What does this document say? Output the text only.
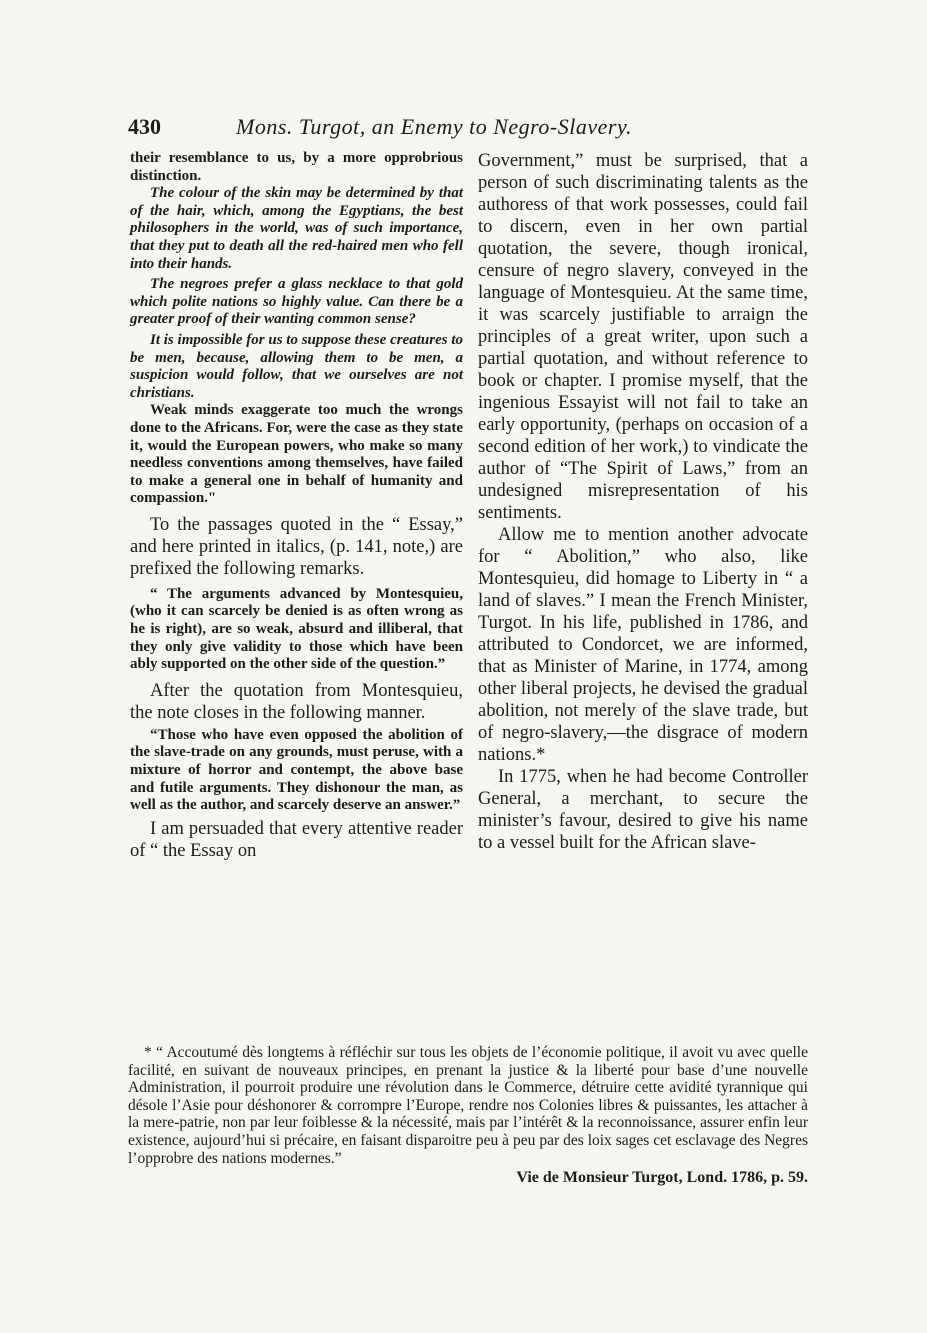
430	Mons. Turgot, an Enemy to Negro-Slavery.

their resemblance to us, by a more opprobrious distinction.

The colour of the skin may be determined by that of the hair, which, among the Egyptians, the best philosophers in the world, was of such importance, that they put to death all the red-haired men who fell into their hands.

The negroes prefer a glass necklace to that gold which polite nations so highly value. Can there be a greater proof of their wanting common sense?

It is impossible for us to suppose these creatures to be men, because, allowing them to be men, a suspicion would follow, that we ourselves are not christians.

Weak minds exaggerate too much the wrongs done to the Africans. For, were the case as they state it, would the European powers, who make so many needless conventions among themselves, have failed to make a general one in behalf of humanity and compassion."

To the passages quoted in the “ Essay,” and here printed in italics, (p. 141, note,) are prefixed the following remarks.

“ The arguments advanced by Montesquieu, (who it can scarcely be denied is as often wrong as he is right), are so weak, absurd and illiberal, that they only give validity to those which have been ably supported on the other side of the question.”

After the quotation from Montesquieu, the note closes in the following manner.

“Those who have even opposed the abolition of the slave-trade on any grounds, must peruse, with a mixture of horror and contempt, the above base and futile arguments. They dishonour the man, as well as the author, and scarcely deserve an answer.”

I am persuaded that every attentive reader of “ the Essay on

Government,” must be surprised, that a person of such discriminating talents as the authoress of that work possesses, could fail to discern, even in her own partial quotation, the severe, though ironical, censure of negro slavery, conveyed in the language of Montesquieu. At the same time, it was scarcely justifiable to arraign the principles of a great writer, upon such a partial quotation, and without reference to book or chapter. I promise myself, that the ingenious Essayist will not fail to take an early opportunity, (perhaps on occasion of a second edition of her work,) to vindicate the author of “The Spirit of Laws,” from an undesigned misrepresentation of his sentiments.

Allow me to mention another advocate for “ Abolition,” who also, like Montesquieu, did homage to Liberty in “ a land of slaves.” I mean the French Minister, Turgot. In his life, published in 1786, and attributed to Condorcet, we are informed, that as Minister of Marine, in 1774, among other liberal projects, he devised the gradual abolition, not merely of the slave trade, but of negro-slavery,—the disgrace of modern nations.*

In 1775, when he had become Controller General, a merchant, to secure the minister’s favour, desired to give his name to a vessel built for the African slave-

* “ Accoutumé dès longtems à réfléchir sur tous les objets de l’économie politique, il avoit vu avec quelle facilité, en suivant de nouveaux principes, en prenant la justice & la liberté pour base d’une nouvelle Administration, il pourroit produire une révolution dans le Commerce, détruire cette avidité tyrannique qui désole l’Asie pour déshonorer & corrompre l’Europe, rendre nos Colonies libres & puissantes, les attacher à la mere-patrie, non par leur foiblesse & la nécessité, mais par l’intérêt & la reconnoissance, assurer enfin leur existence, aujourd’hui si précaire, en faisant disparoitre peu à peu par des loix sages cet esclavage des Negres l’opprobre des nations modernes.”

Vie de Monsieur Turgot, Lond. 1786, p. 59.
